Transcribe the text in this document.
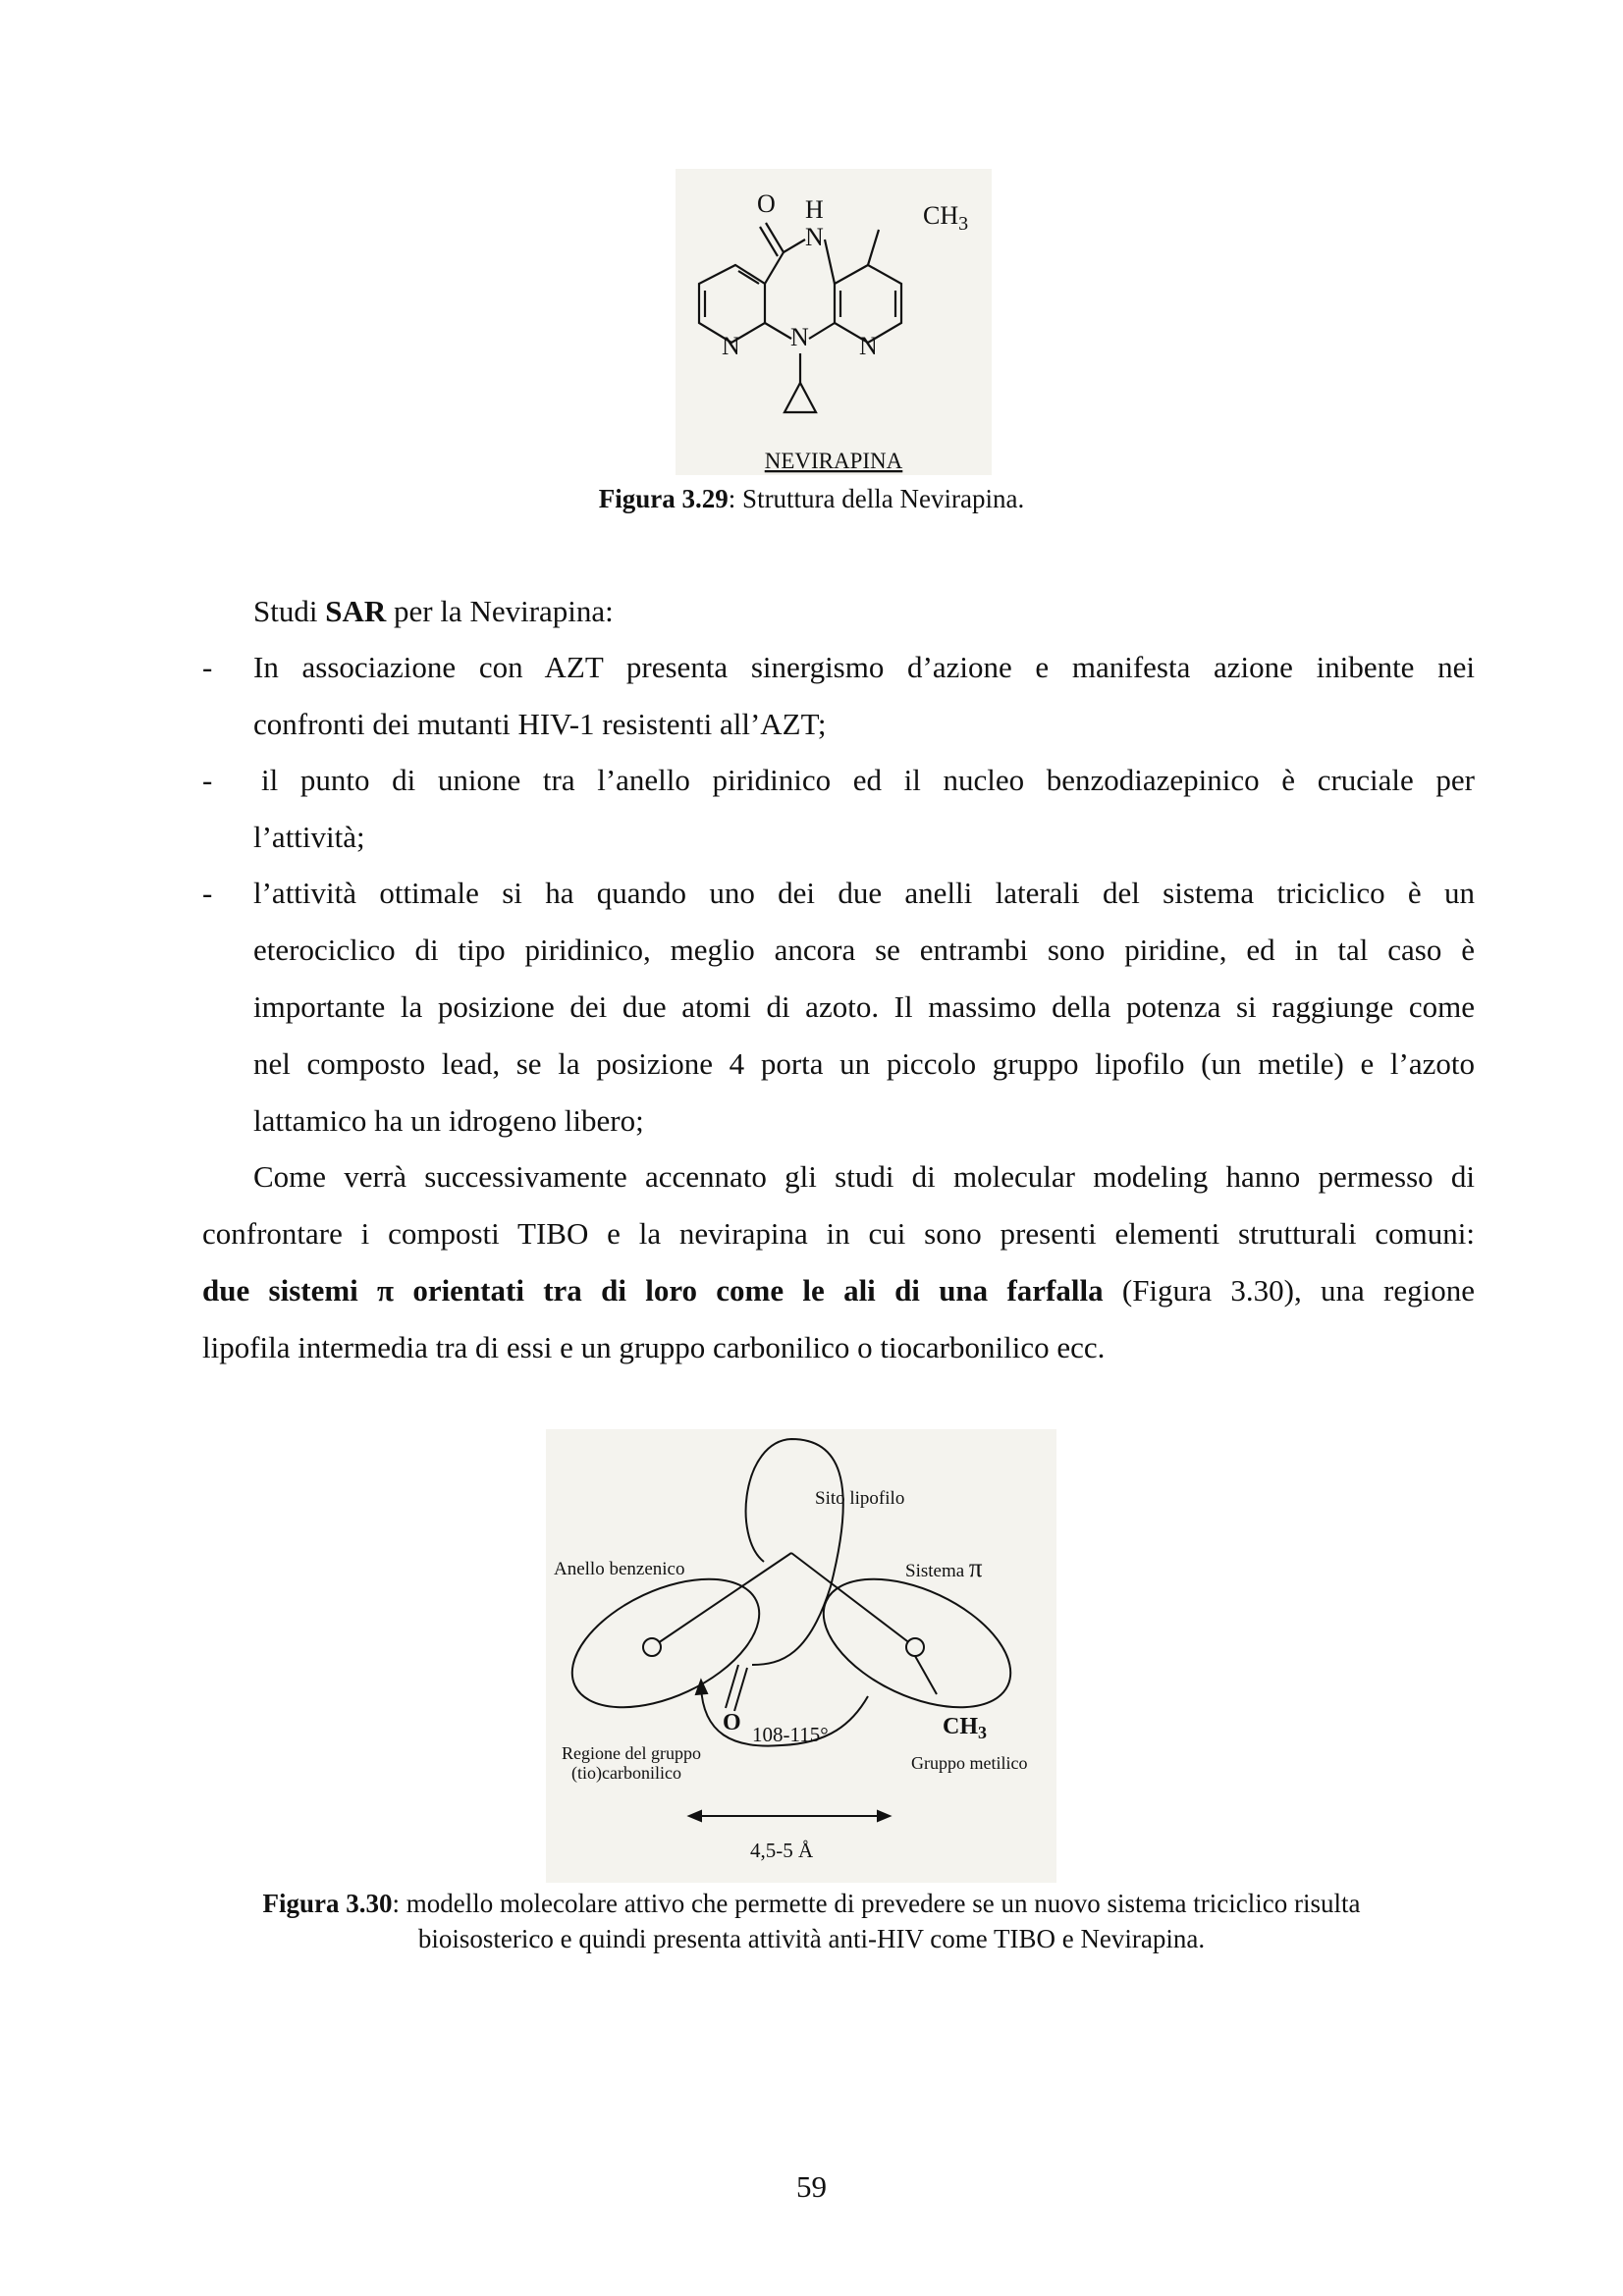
O H
N
$CH_3$
N N N
NEVIRAPINA
Figura 3.29: Struttura della Nevirapina.
Studi SAR per la Nevirapina:
- In associazione con AZT presenta sinergismo d’azione e manifesta azione inibente nei
confronti dei mutanti HIV-1 resistenti all’AZT;
- il punto di unione tra l’anello piridinico ed il nucleo benzodiazepinico è cruciale per
l’attività;
- l’attività ottimale si ha quando uno dei due anelli laterali del sistema triciclico è un
eterociclico di tipo piridinico, meglio ancora se entrambi sono piridine, ed in tal caso è
importante la posizione dei due atomi di azoto. Il massimo della potenza si raggiunge come
nel composto lead, se la posizione 4 porta un piccolo gruppo lipofilo (un metile) e l’azoto
lattamico ha un idrogeno libero;
Come verrà successivamente accennato gli studi di molecular modeling hanno permesso di
confrontare i composti TIBO e la nevirapina in cui sono presenti elementi strutturali comuni:
due sistemi π orientati tra di loro come le ali di una farfalla (Figura 3.30), una regione
lipofila intermedia tra di essi e un gruppo carbonilico o tiocarbonilico ecc.
Sito lipofilo
Anello benzenico	Sistema π
O 108-115°	$CH_3$
Regione del gruppo
(tio)carbonilico	Gruppo metilico
4,5-5 Å
Figura 3.30: modello molecolare attivo che permette di prevedere se un nuovo sistema triciclico risulta
bioisosterico e quindi presenta attività anti-HIV come TIBO e Nevirapina.
59
